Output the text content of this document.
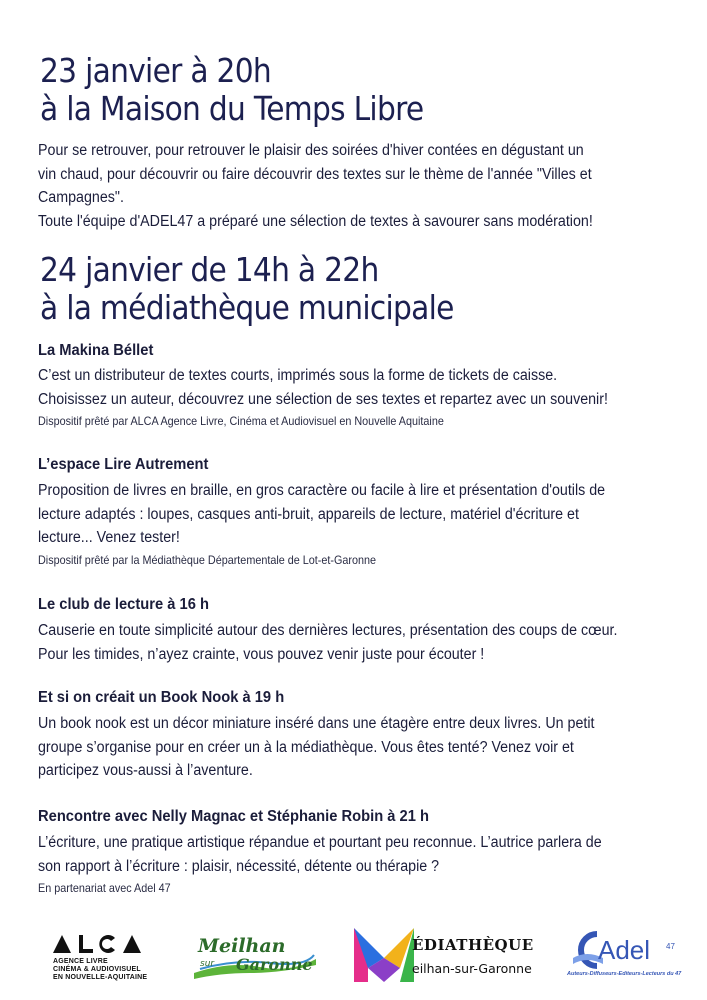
23 janvier à 20h
à la Maison du Temps Libre

Pour se retrouver, pour retrouver le plaisir des soirées d'hiver contées en dégustant un
vin chaud, pour découvrir ou faire découvrir des textes sur le thème de l'année "Villes et
Campagnes".
Toute l'équipe d'ADEL47 a préparé une sélection de textes à savourer sans modération!

24 janvier de 14h à 22h
à la médiathèque municipale
La Makina Béllet

C’est un distributeur de textes courts, imprimés sous la forme de tickets de caisse.
Choisissez un auteur, découvrez une sélection de ses textes et repartez avec un souvenir!

Dispositif prêté par ALCA Agence Livre, Cinéma et Audiovisuel en Nouvelle Aquitaine

L’espace Lire Autrement

Proposition de livres en braille, en gros caractère ou facile à lire et présentation d'outils de
lecture adaptés : loupes, casques anti-bruit, appareils de lecture, matériel d'écriture et
lecture... Venez tester!

Dispositif prêté par la Médiathèque Départementale de Lot-et-Garonne

Le club de lecture à 16 h

Causerie en toute simplicité autour des dernières lectures, présentation des coups de cœur.
Pour les timides, n’ayez crainte, vous pouvez venir juste pour écouter !

Et si on créait un Book Nook à 19 h

Un book nook est un décor miniature inséré dans une étagère entre deux livres. Un petit
groupe s’organise pour en créer un à la médiathèque. Vous êtes tenté? Venez voir et
participez vous-aussi à l’aventure.

Rencontre avec Nelly Magnac et Stéphanie Robin à 21 h

L’écriture, une pratique artistique répandue et pourtant peu reconnue. L’autrice parlera de
son rapport à l’écriture : plaisir, nécessité, détente ou thérapie ?

En partenariat avec Adel 47

AGENCE LIVRE
CINÉMA & AUDIOVISUEL
EN NOUVELLE-AQUITAINE
Meilhan
sur Garonne
ÉDIATHÈQUE
eilhan-sur-Garonne
Adel 47
Auteurs-Diffuseurs-Editeurs-Lecteurs du 47
